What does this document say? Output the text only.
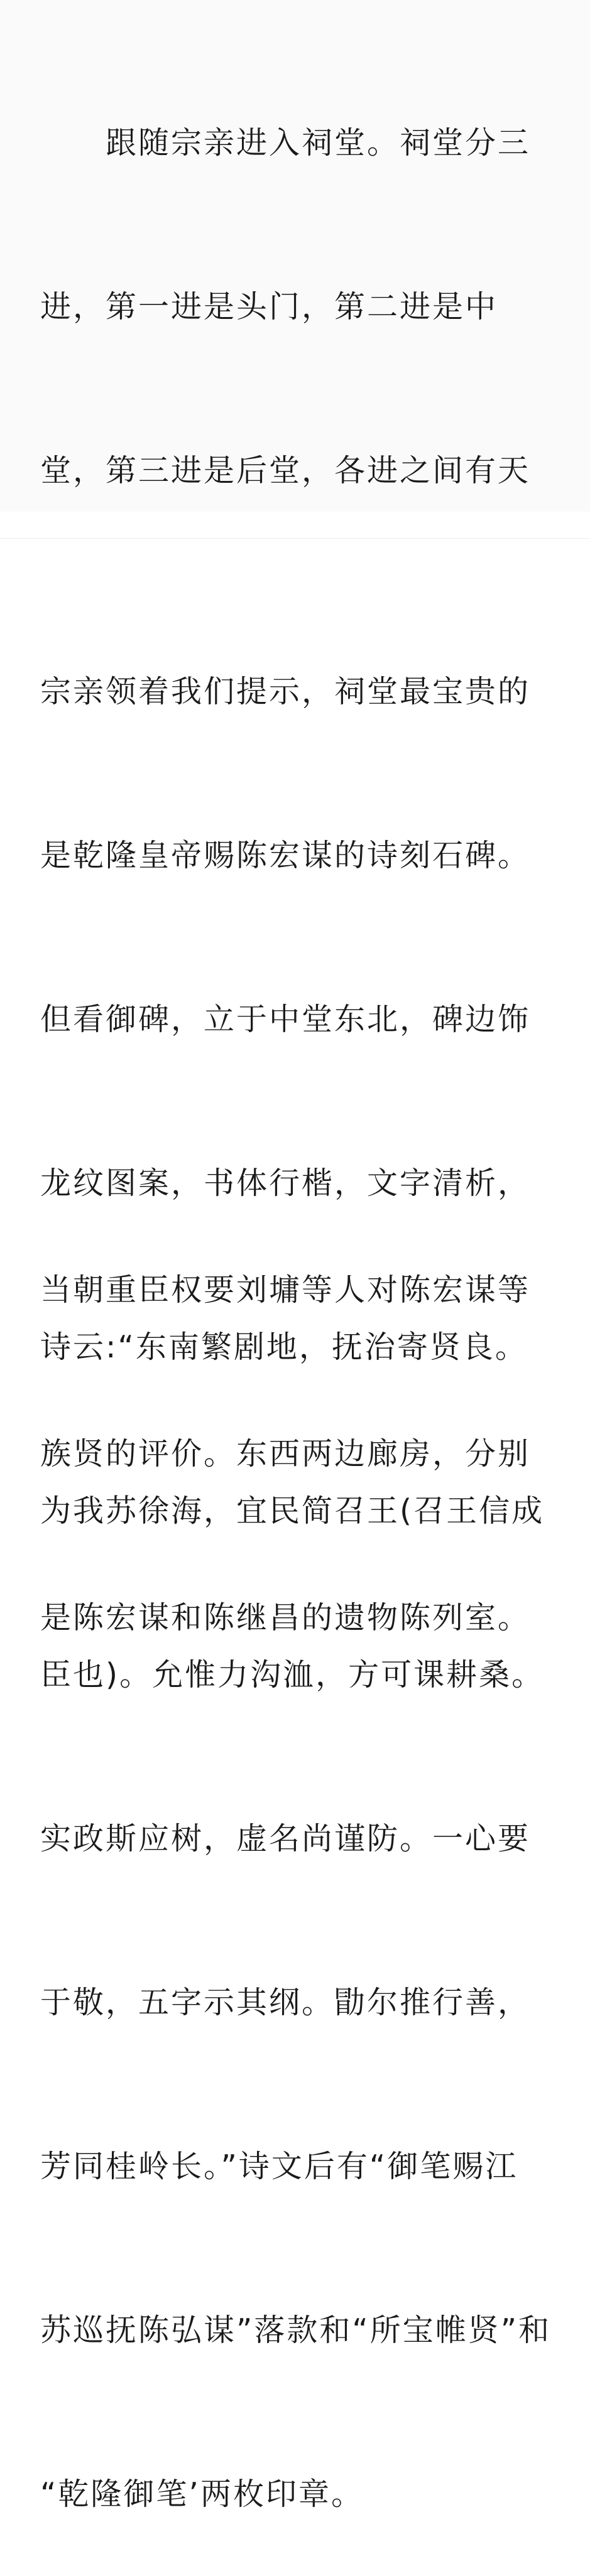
　　跟随宗亲进入祠堂。祠堂分三

进，第一进是头门，第二进是中

堂，第三进是后堂，各进之间有天

当朝重臣权要刘墉等人对陈宏谋等

族贤的评价。东西两边廊房，分别

是陈宏谋和陈继昌的遗物陈列室。

宗亲领着我们提示，祠堂最宝贵的

是乾隆皇帝赐陈宏谋的诗刻石碑。

但看御碑，立于中堂东北，碑边饰

龙纹图案，书体行楷，文字清析，

诗云:“东南繁剧地，抚治寄贤良。

为我苏徐海，宜民简召王(召王信成

臣也)。允惟力沟洫，方可课耕桑。

实政斯应树，虚名尚谨防。一心要

于敬，五字示其纲。勖尔推行善，

芳同桂岭长。”诗文后有“御笔赐江

苏巡抚陈弘谋”落款和“所宝帷贤”和

“乾隆御笔’两枚印章。
